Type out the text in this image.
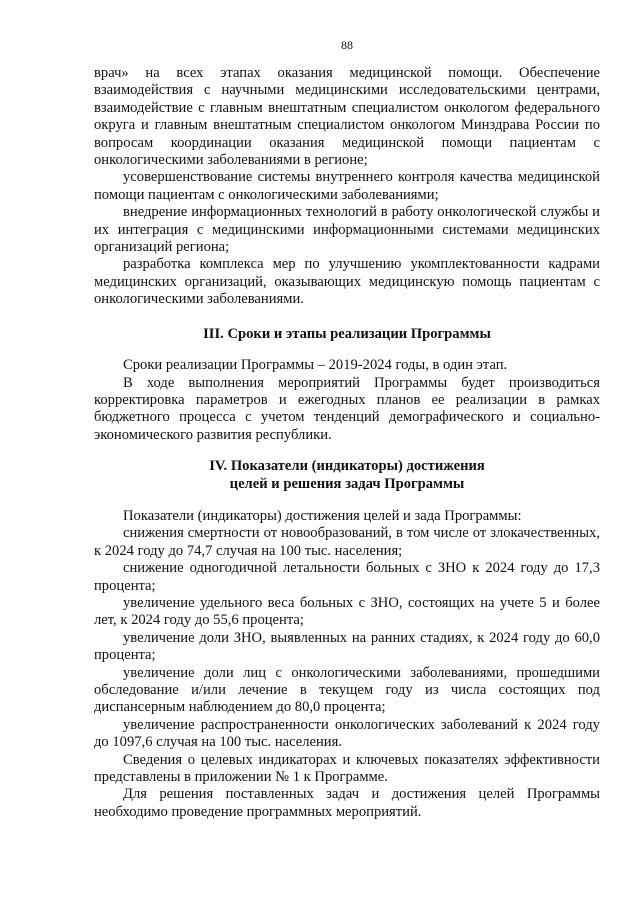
88

врач» на всех этапах оказания медицинской помощи. Обеспечение взаимодействия с научными медицинскими исследовательскими центрами, взаимодействие с главным внештатным специалистом онкологом федерального округа и главным внештатным специалистом онкологом Минздрава России по вопросам координации оказания медицинской помощи пациентам с онкологическими заболеваниями в регионе;

усовершенствование системы внутреннего контроля качества медицинской помощи пациентам с онкологическими заболеваниями;

внедрение информационных технологий в работу онкологической службы и их интеграция с медицинскими информационными системами медицинских организаций региона;

разработка комплекса мер по улучшению укомплектованности кадрами медицинских организаций, оказывающих медицинскую помощь пациентам с онкологическими заболеваниями.

III. Сроки и этапы реализации Программы

Сроки реализации Программы – 2019-2024 годы, в один этап.

В ходе выполнения мероприятий Программы будет производиться корректировка параметров и ежегодных планов ее реализации в рамках бюджетного процесса с учетом тенденций демографического и социально-экономического развития республики.

IV. Показатели (индикаторы) достижения

целей и решения задач Программы

Показатели (индикаторы) достижения целей и зада Программы:

снижения смертности от новообразований, в том числе от злокачественных, к 2024 году до 74,7 случая на 100 тыс. населения;

снижение одногодичной летальности больных с ЗНО к 2024 году до 17,3 процента;

увеличение удельного веса больных с ЗНО, состоящих на учете 5 и более лет, к 2024 году до 55,6 процента;

увеличение доли ЗНО, выявленных на ранних стадиях, к 2024 году до 60,0 процента;

увеличение доли лиц с онкологическими заболеваниями, прошедшими обследование и/или лечение в текущем году из числа состоящих под диспансерным наблюдением до 80,0 процента;

увеличение распространенности онкологических заболеваний к 2024 году до 1097,6 случая на 100 тыс. населения.

Сведения о целевых индикаторах и ключевых показателях эффективности представлены в приложении № 1 к Программе.

Для решения поставленных задач и достижения целей Программы необходимо проведение программных мероприятий.
